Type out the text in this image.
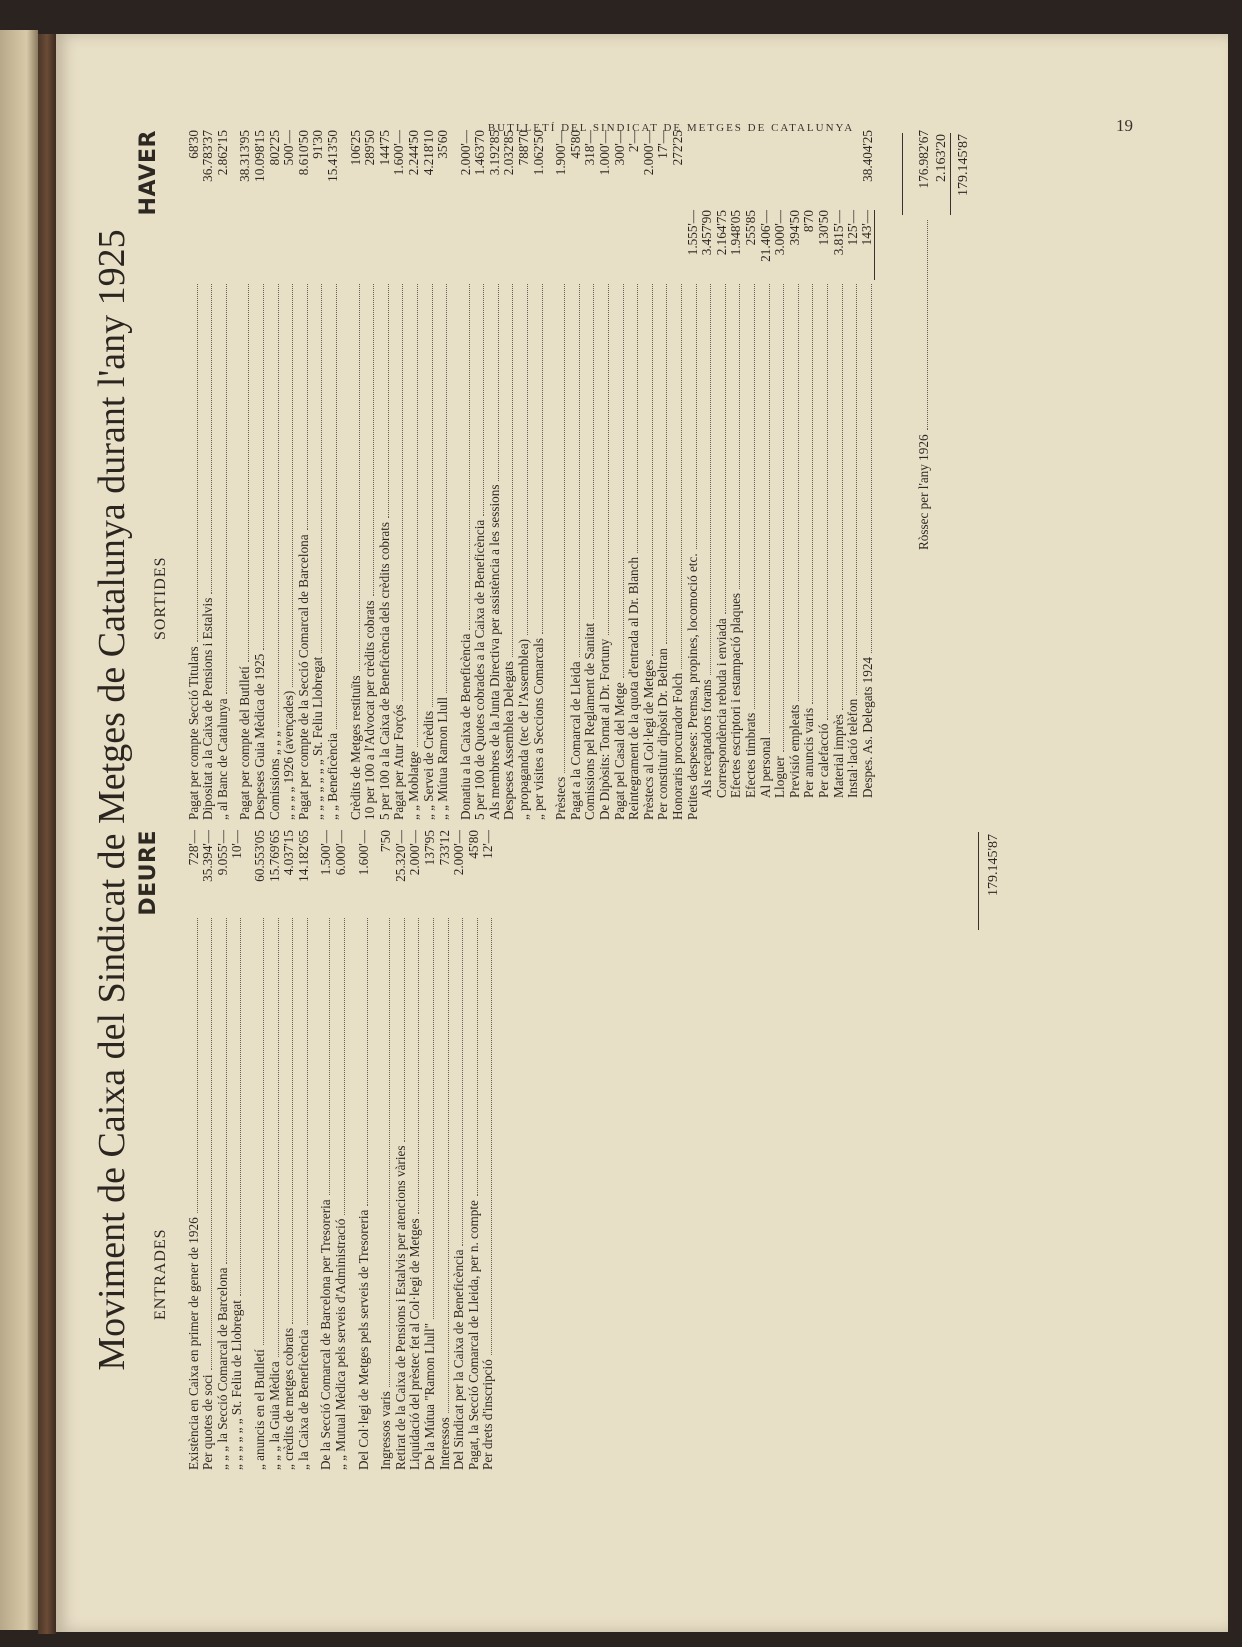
BUTLLETÍ DEL SINDICAT DE METGES DE CATALUNYA	19
Moviment de Caixa del Sindicat de Metges de Catalunya durant l'any 1925 DEURE
ENTRADES Existència en Caixa en primer de gener de 1926
728'—
Per quotes de soci
35.394'—
„ „ „ la Secció Comarcal de Barcelona
9.055'—
„ „ „ „ „ „ St. Feliu de Llobregat
10'—
„ anuncis en el Butlletí
60.553'05
„ „ „ la Guia Mèdica
15.769'65
„ crèdits de metges cobrats
4.037'15
„ la Caixa de Beneficència
14.182'65
De la Secció Comarcal de Barcelona per Tresoreria
1.500'—
„ „ Mutual Mèdica pels serveis d'Administració
6.000'—
Del Col·legi de Metges pels serveis de Tresoreria
1.600'—
Ingressos varis
7'50
Retirat de la Caixa de Pensions i Estalvis per atencions vàries
25.320'—
Liquidació del prèstec fet al Col·legi de Metges
2.000'—
De la Mútua "Ramon Llull"
137'95
Interessos
733'12
Del Sindicat per la Caixa de Beneficència
2.000'—
Pagat, la Secció Comarcal de Lleida, per n. compte
45'80
Per drets d'inscripció
12'—	179.145'87
HAVER
SORTIDES
Pagat per compte Secció Titulars
68'30
Dipositat a la Caixa de Pensions i Estalvis
36.783'37
„ al Banc de Catalunya
2.862'15
Pagat per compte del Butlletí
38.313'95
Despeses Guia Mèdica de 1925
10.098'15
Comissions „ „ „
802'25
„ „ „ „ 1926 (avençades)
500'—
Pagat per compte de la Secció Comarcal de Barcelona
8.610'50
„ „ „ „ „ „ „ St. Feliu Llobregat
91'30
„ „ Beneficència
15.413'50
Crèdits de Metges restituïts
106'25
10 per 100 a l'Advocat per crèdits cobrats
289'50
5 per 100 a la Caixa de Beneficència dels crèdits cobrats
144'75
Pagat per Atur Forçós
1.600'—
„ „ Moblatge
2.244'50
„ „ Servei de Crèdits
4.218'10
„ „ Mútua Ramon Llull
35'60
Donatiu a la Caixa de Beneficència
2.000'—
5 per 100 de Quotes cobrades a la Caixa de Beneficència
1.463'70
Als membres de la Junta Directiva per assistència a les sessions
3.192'85
Despeses Assemblea Delegats
2.032'85
„ propaganda (tec de l'Assemblea)
788'70
„ per visites a Seccions Comarcals
1.062'50
Prèstecs
1.900'—
Pagat a la Comarcal de Lleida
45'80
Comissions pel Reglament de Sanitat
318'—
De Dipòsits: Tornat al Dr. Fortuny
1.000'—
Pagat pel Casal del Metge
300'—
Reintegrament de la quota d'entrada al Dr. Blanch
2'—
Prèstecs al Col·legi de Metges
2.000'—
Per constituir dipòsit Dr. Beltran
17'—
Honoraris procurador Folch
272'25
Petites despeses: Premsa, propines, locomoció etc.
1.555'—
Als recaptadors forans
3.457'90
Correspondència rebuda i enviada
2.164'75
Efectes escriptori i estampació plaques
1.948'05
Efectes timbrats
255'85
Al personal
21.406'—
Lloguer
3.000'—
Previsió empleats
394'50
Per anuncis varis
8'70
Per calefacció
130'50
Material imprès
3.815'—
Instal·lació telèfon
125'—
Despes. As. Delegats 1924
143'—
38.404'25
Ròssec per l'any 1926
176.982'67 2.163'20 179.145'87
